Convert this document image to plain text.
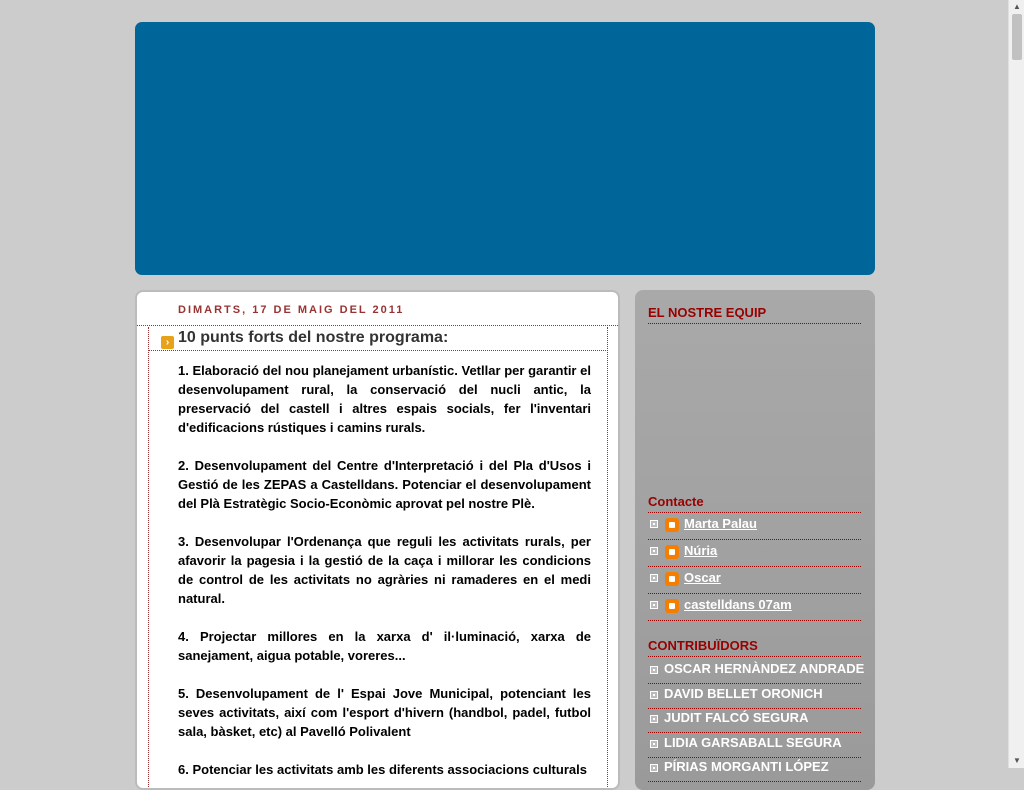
DIMARTS, 17 DE MAIG DEL 2011
› 10 punts forts del nostre programa:

1. Elaboració del nou planejament urbanístic. Vetllar per garantir el desenvolupament rural, la conservació del nucli antic, la preservació del castell i altres espais socials, fer l'inventari d'edificacions rústiques i camins rurals.

2. Desenvolupament del Centre d'Interpretació i del Pla d'Usos i Gestió de les ZEPAS a Castelldans. Potenciar el desenvolupament del Plà Estratègic Socio-Econòmic aprovat pel nostre Plè.

3. Desenvolupar l'Ordenança que reguli les activitats rurals, per afavorir la pagesia i la gestió de la caça i millorar les condicions de control de les activitats no agràries ni ramaderes en el medi natural.

4. Projectar millores en la xarxa d' il·luminació, xarxa de sanejament, aigua potable, voreres...

5. Desenvolupament de l' Espai Jove Municipal, potenciant les seves activitats, així com l'esport d'hivern (handbol, padel, futbol sala, bàsket, etc) al Pavelló Polivalent

6. Potenciar les activitats amb les diferents associacions culturals

EL NOSTRE EQUIP
Contacte
Marta Palau
Núria
Oscar
castelldans 07am
CONTRIBUÏDORS
OSCAR HERNÀNDEZ ANDRADE
DAVID BELLET ORONICH
JUDIT FALCÓ SEGURA
LIDIA GARSABALL SEGURA
PÍRIAS MORGANTI LÓPEZ
▲
▼
